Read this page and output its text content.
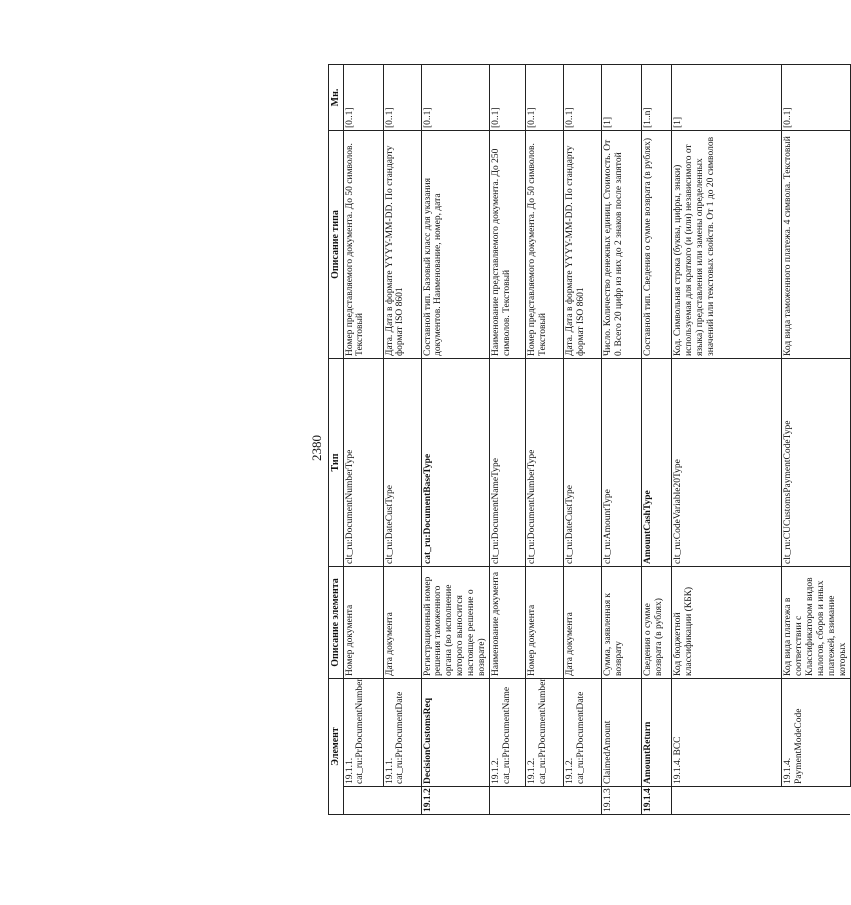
2380
Элемент		Описание элемента	Тип	Описание типа	Мн.
	19.1.1. cat_ru:PrDocumentNumber	Номер документа	clt_ru:DocumentNumberType	Номер представляемого документа. До 50 символов. Текстовый	[0..1]
	19.1.1. cat_ru:PrDocumentDate	Дата документа	clt_ru:DateCustType	Дата. Дата в формате YYYY-MM-DD. По стандарту формат ISO 8601	[0..1]
19.1.2	DecisionCustomsReq	Регистрационный номер решения таможенного органа (во исполнение которого выносится настоящее решение о возврате)	cat_ru:DocumentBaseType	Составной тип. Базовый класс для указания документов. Наименование, номер, дата	[0..1]
	19.1.2. cat_ru:PrDocumentName	Наименование документа	clt_ru:DocumentNameType	Наименование представляемого документа. До 250 символов. Текстовый	[0..1]
	19.1.2. cat_ru:PrDocumentNumber	Номер документа	clt_ru:DocumentNumberType	Номер представляемого документа. До 50 символов. Текстовый	[0..1]
	19.1.2. cat_ru:PrDocumentDate	Дата документа	clt_ru:DateCustType	Дата. Дата в формате YYYY-MM-DD. По стандарту формат ISO 8601	[0..1]
19.1.3	ClaimedAmount	Сумма, заявленная к возврату	clt_ru:AmountType	Число. Количество денежных единиц. Стоимость. От 0. Всего 20 цифр из них до 2 знаков после запятой	[1]
19.1.4	AmountReturn	Сведения о сумме возврата (в рублях)	AmountCashType	Составной тип. Сведения о сумме возврата (в рублях)	[1..n]
	19.1.4. BCC	Код бюджетной классификации (КБК)	clt_ru:CodeVariable20Type	Код. Символьная строка (буквы, цифры, знаки) используемая для краткого (и (или) независимого от языка) представления или замены определенных значений или текстовых свойств. От 1 до 20 символов	[1]
	19.1.4. PaymentModeCode	Код вида платежа в соответствии с Классификатором видов налогов, сборов и иных платежей, взимание которых	clt_ru:CUCustomsPaymentCodeType	Код вида таможенного платежа. 4 символа. Текстовый	[0..1]
